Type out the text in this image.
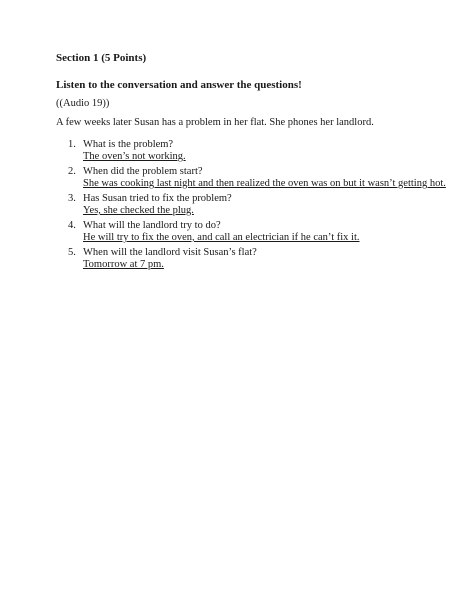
Section 1 (5 Points)

Listen to the conversation and answer the questions!

((Audio 19))

A few weeks later Susan has a problem in her flat. She phones her landlord.

1. What is the problem?
The oven’s not working.
2. When did the problem start?
She was cooking last night and then realized the oven was on but it wasn’t getting hot.
3. Has Susan tried to fix the problem?
Yes, she checked the plug.
4. What will the landlord try to do?
He will try to fix the oven, and call an electrician if he can’t fix it.
5. When will the landlord visit Susan’s flat?
Tomorrow at 7 pm.
